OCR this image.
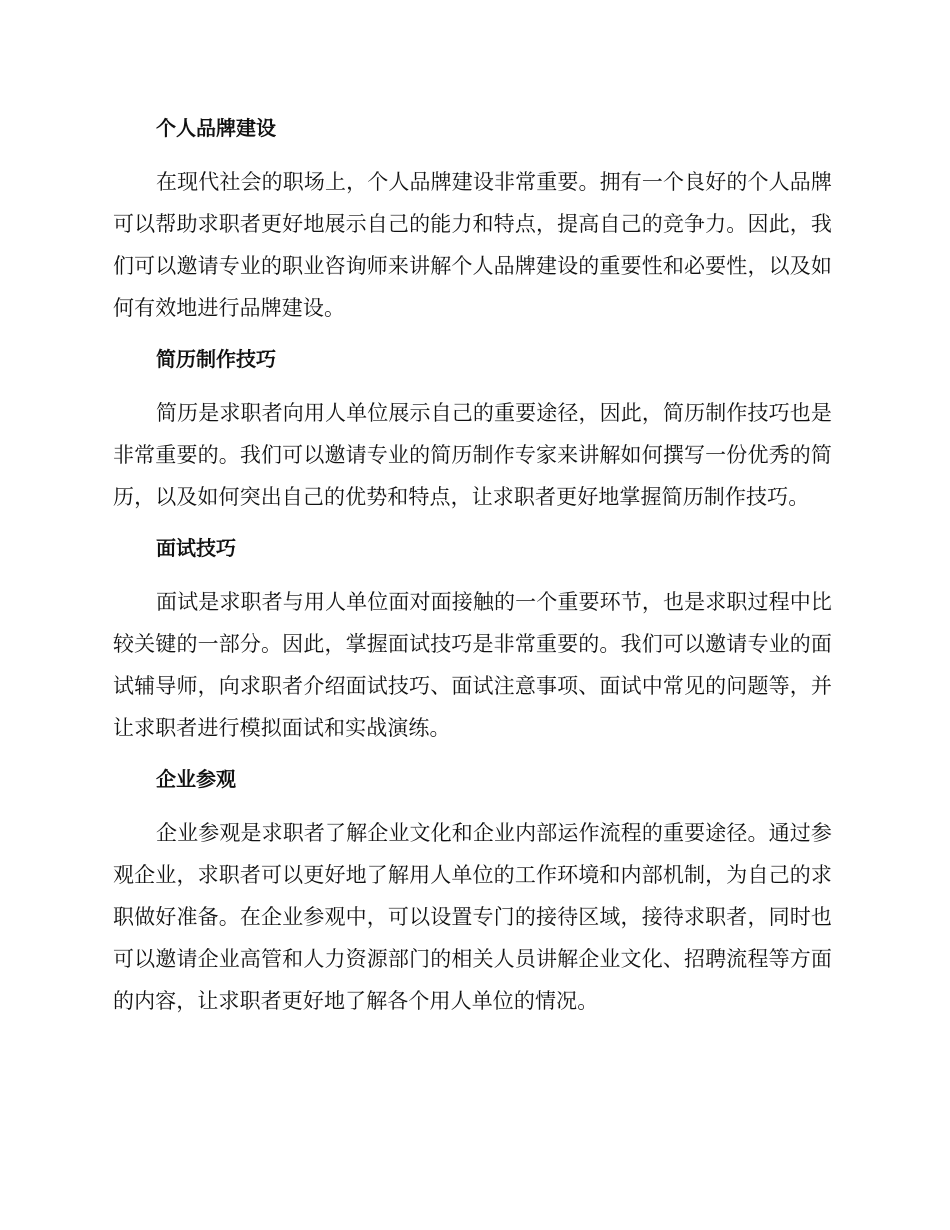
个人品牌建设

在现代社会的职场上，个人品牌建设非常重要。拥有一个良好的个人品牌可以帮助求职者更好地展示自己的能力和特点，提高自己的竞争力。因此，我们可以邀请专业的职业咨询师来讲解个人品牌建设的重要性和必要性，以及如何有效地进行品牌建设。

简历制作技巧

简历是求职者向用人单位展示自己的重要途径，因此，简历制作技巧也是非常重要的。我们可以邀请专业的简历制作专家来讲解如何撰写一份优秀的简历，以及如何突出自己的优势和特点，让求职者更好地掌握简历制作技巧。

面试技巧

面试是求职者与用人单位面对面接触的一个重要环节，也是求职过程中比较关键的一部分。因此，掌握面试技巧是非常重要的。我们可以邀请专业的面试辅导师，向求职者介绍面试技巧、面试注意事项、面试中常见的问题等，并让求职者进行模拟面试和实战演练。

企业参观

企业参观是求职者了解企业文化和企业内部运作流程的重要途径。通过参观企业，求职者可以更好地了解用人单位的工作环境和内部机制，为自己的求职做好准备。在企业参观中，可以设置专门的接待区域，接待求职者，同时也可以邀请企业高管和人力资源部门的相关人员讲解企业文化、招聘流程等方面的内容，让求职者更好地了解各个用人单位的情况。
